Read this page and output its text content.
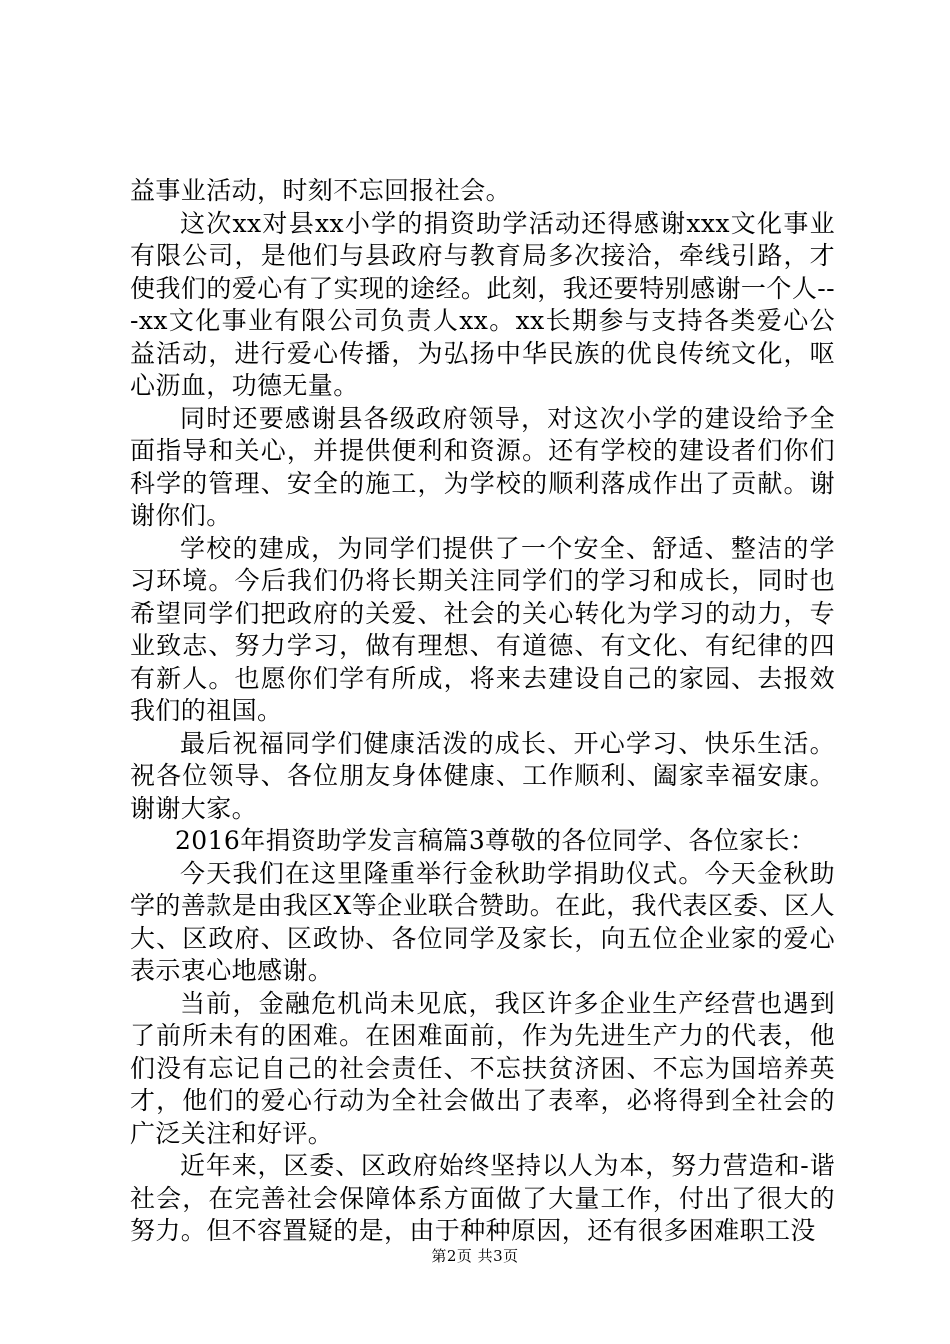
益事业活动，时刻不忘回报社会。

这次xx对县xx小学的捐资助学活动还得感谢xxx文化事业有限公司，是他们与县政府与教育局多次接洽，牵线引路，才使我们的爱心有了实现的途经。此刻，我还要特别感谢一个人---xx文化事业有限公司负责人xx。xx长期参与支持各类爱心公益活动，进行爱心传播，为弘扬中华民族的优良传统文化，呕心沥血，功德无量。

同时还要感谢县各级政府领导，对这次小学的建设给予全面指导和关心，并提供便利和资源。还有学校的建设者们你们科学的管理、安全的施工，为学校的顺利落成作出了贡献。谢谢你们。

学校的建成，为同学们提供了一个安全、舒适、整洁的学习环境。今后我们仍将长期关注同学们的学习和成长，同时也希望同学们把政府的关爱、社会的关心转化为学习的动力，专业致志、努力学习，做有理想、有道德、有文化、有纪律的四有新人。也愿你们学有所成，将来去建设自己的家园、去报效我们的祖国。

最后祝福同学们健康活泼的成长、开心学习、快乐生活。祝各位领导、各位朋友身体健康、工作顺利、阖家幸福安康。谢谢大家。

2016年捐资助学发言稿篇3尊敬的各位同学、各位家长：

今天我们在这里隆重举行金秋助学捐助仪式。今天金秋助学的善款是由我区X等企业联合赞助。在此，我代表区委、区人大、区政府、区政协、各位同学及家长，向五位企业家的爱心表示衷心地感谢。

当前，金融危机尚未见底，我区许多企业生产经营也遇到了前所未有的困难。在困难面前，作为先进生产力的代表，他们没有忘记自己的社会责任、不忘扶贫济困、不忘为国培养英才，他们的爱心行动为全社会做出了表率，必将得到全社会的广泛关注和好评。

近年来，区委、区政府始终坚持以人为本，努力营造和-谐社会，在完善社会保障体系方面做了大量工作，付出了很大的努力。但不容置疑的是，由于种种原因，还有很多困难职工没

第2页 共3页
